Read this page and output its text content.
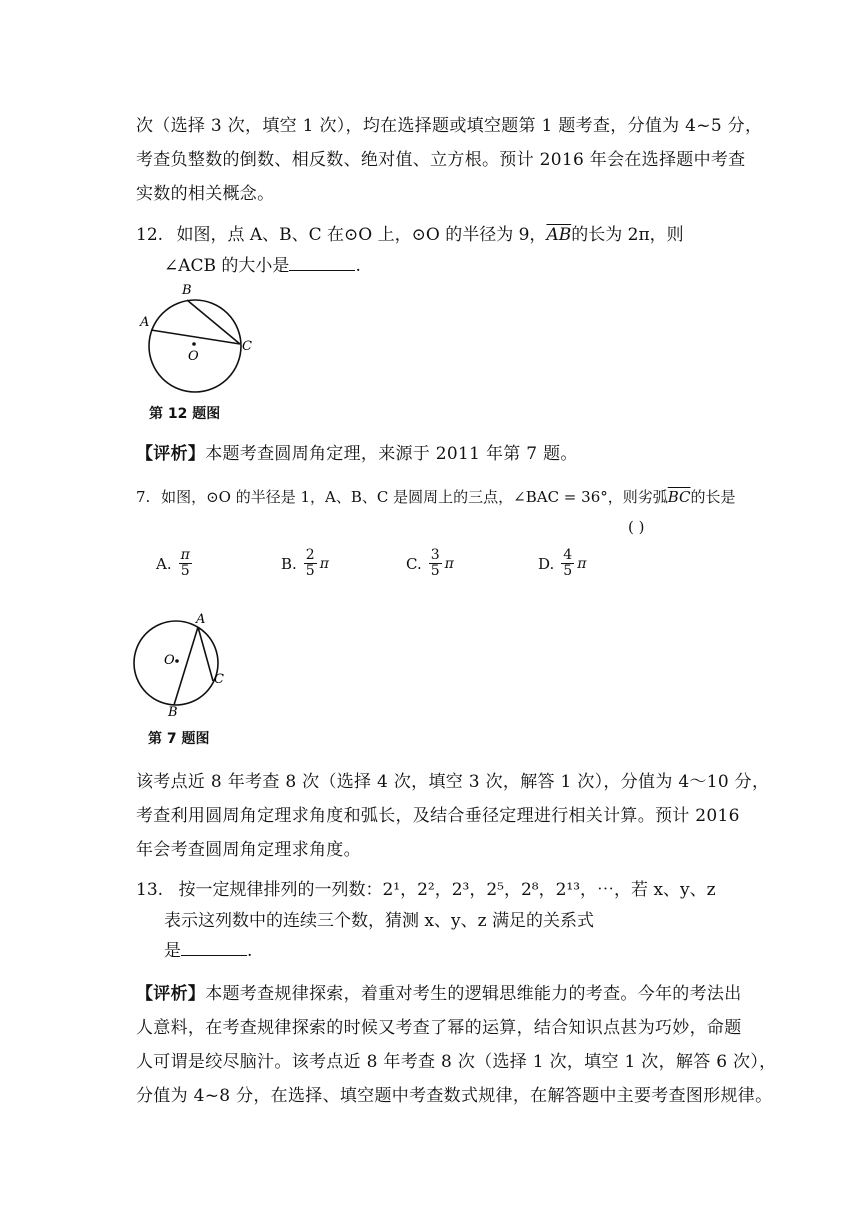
次（选择 3 次，填空 1 次），均在选择题或填空题第 1 题考查，分值为 4~5 分，
考查负整数的倒数、相反数、绝对值、立方根。预计 2016 年会在选择题中考查
实数的相关概念。
12. 如图，点 A、B、C 在⊙O 上，⊙O 的半径为 9，$\overline{AB}$的长为 2π，则
∠ACB 的大小是	.
A
B
C
O
第 12 题图
【评析】本题考查圆周角定理，来源于 2011 年第 7 题。
7. 如图，⊙O 的半径是 1，A、B、C 是圆周上的三点，∠BAC = 36°，则劣弧$\overline{BC}$的长是
( )
A. $\frac{\pi}{5}$	B. $\frac{2}{5}$ π	C. $\frac{3}{5}$ π	D. $\frac{4}{5}$ π
A
B
C
O
第 7 题图
该考点近 8 年考查 8 次（选择 4 次，填空 3 次，解答 1 次），分值为 4～10 分，
考查利用圆周角定理求角度和弧长，及结合垂径定理进行相关计算。预计 2016
年会考查圆周角定理求角度。
13. 按一定规律排列的一列数：2¹，2²，2³，2⁵，2⁸，2¹³，⋯，若 x、y、z
表示这列数中的连续三个数，猜测 x、y、z 满足的关系式
是	.
【评析】本题考查规律探索，着重对考生的逻辑思维能力的考查。今年的考法出
人意料，在考查规律探索的时候又考查了幂的运算，结合知识点甚为巧妙，命题
人可谓是绞尽脑汁。该考点近 8 年考查 8 次（选择 1 次，填空 1 次，解答 6 次），
分值为 4~8 分，在选择、填空题中考查数式规律，在解答题中主要考查图形规律。
